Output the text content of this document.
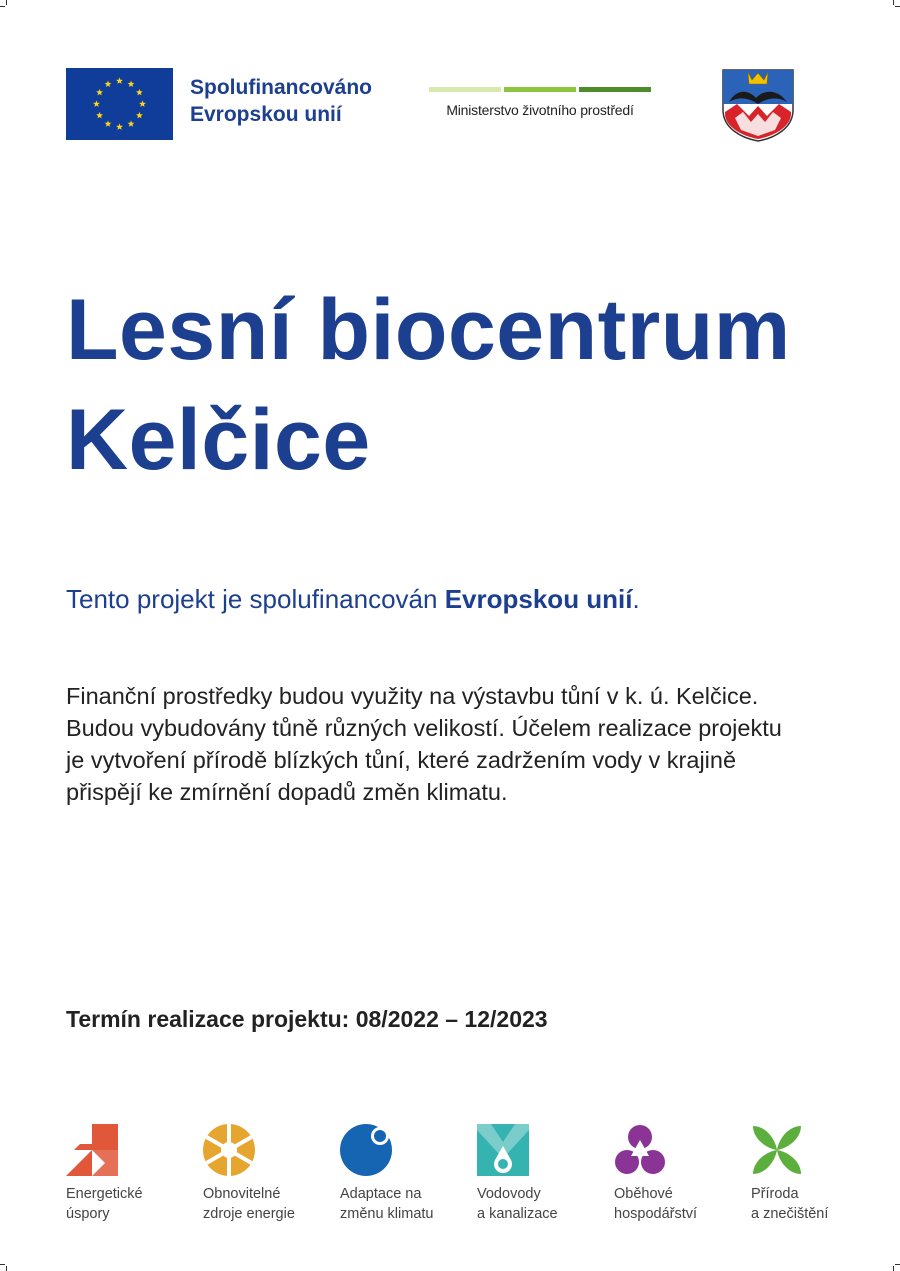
Spolufinancováno
Evropskou unií	Ministerstvo životního prostředí
Lesní biocentrum
Kelčice
Tento projekt je spolufinancován Evropskou unií.
Finanční prostředky budou využity na výstavbu tůní v k. ú. Kelčice. Budou vybudovány tůně různých velikostí. Účelem realizace projektu je vytvoření přírodě blízkých tůní, které zadržením vody v krajině přispějí ke zmírnění dopadů změn klimatu.
Termín realizace projektu: 08/2022 – 12/2023
Energetické
úspory
Obnovitelné
zdroje energie
Adaptace na
změnu klimatu
Vodovody
a kanalizace
Oběhové
hospodářství
Příroda
a znečištění
